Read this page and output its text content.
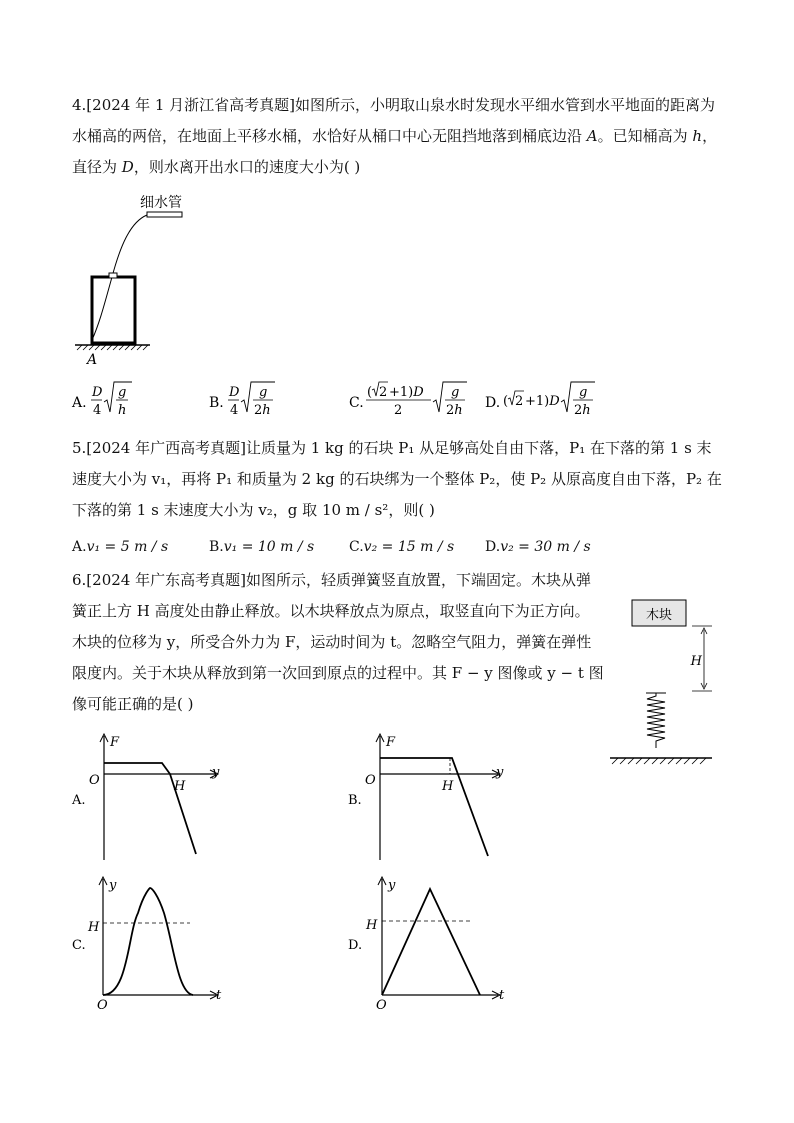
4.[2024 年 1 月浙江省高考真题]如图所示，小明取山泉水时发现水平细水管到水平地面的距离为水桶高的两倍，在地面上平移水桶，水恰好从桶口中心无阻挡地落到桶底边沿 A。已知桶高为 h，直径为 D，则水离开出水口的速度大小为( )

细水管
A
A.
D
4
g
h	B.
D
4
g
2h	C.
( 2 +1)D
2
g
2h D. ( 2 +1)D
g
2h

5.[2024 年广西高考真题]让质量为 1 kg 的石块 P₁ 从足够高处自由下落，P₁ 在下落的第 1 s 末速度大小为 v₁，再将 P₁ 和质量为 2 kg 的石块绑为一个整体 P₂，使 P₂ 从原高度自由下落，P₂ 在下落的第 1 s 末速度大小为 v₂，g 取 10 m / s²，则( )

A.v₁ = 5 m / s	B.v₁ = 10 m / s C.v₂ = 15 m / s D.v₂ = 30 m / s

6.[2024 年广东高考真题]如图所示，轻质弹簧竖直放置，下端固定。木块从弹簧正上方 H 高度处由静止释放。以木块释放点为原点，取竖直向下为正方向。木块的位移为 y，所受合外力为 F，运动时间为 t。忽略空气阻力，弹簧在弹性限度内。关于木块从释放到第一次回到原点的过程中。其 F − y 图像或 y − t 图像可能正确的是( )

木块
H
A.
F
y
O	H
B.
F
y
O	H
C.
y
t
O
H
D.
y
t
O
H
